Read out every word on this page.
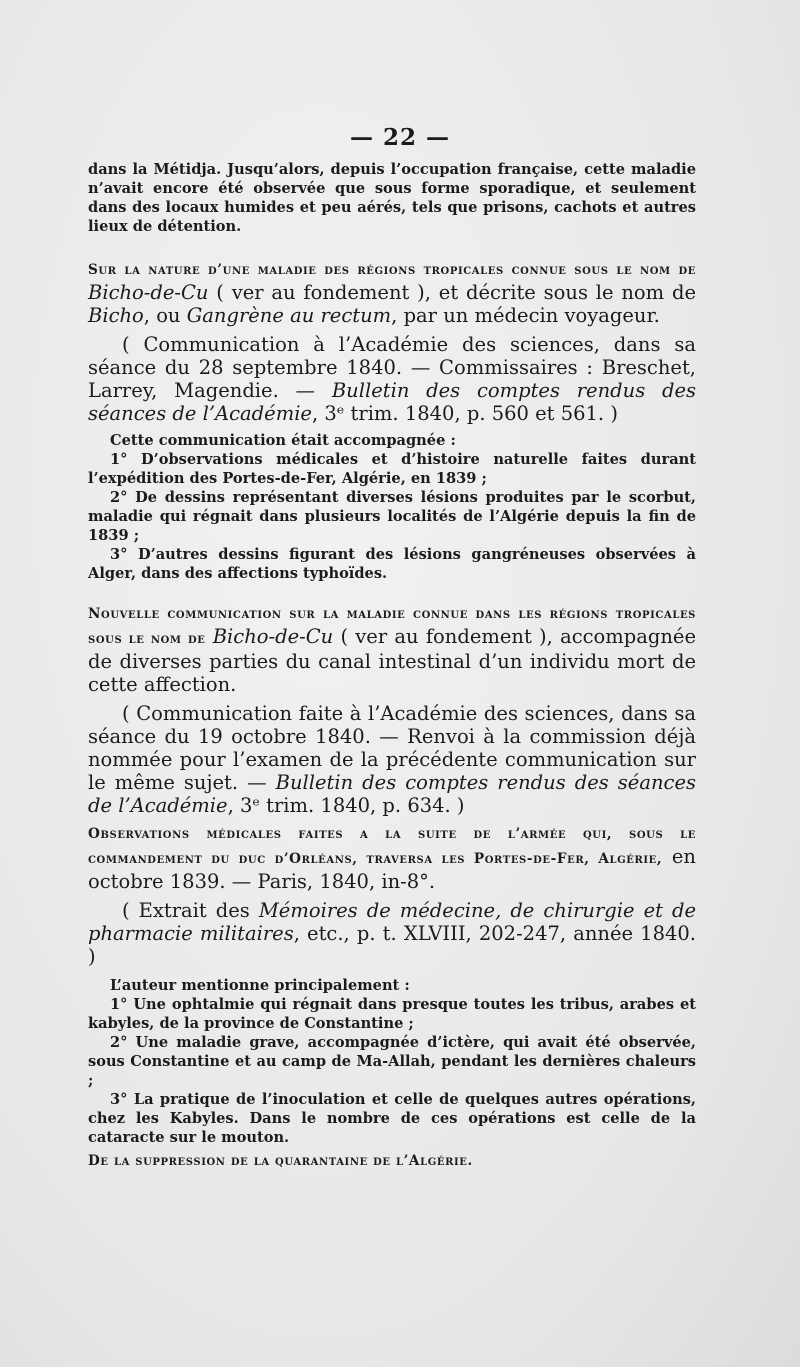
— 22 —

dans la Métidja. Jusqu’alors, depuis l’occupation française, cette maladie n’avait encore été observée que sous forme sporadique, et seulement dans des locaux humides et peu aérés, tels que prisons, cachots et autres lieux de détention.

Sur la nature d’une maladie des régions tropicales connue sous le nom de Bicho-de-Cu ( ver au fondement ), et décrite sous le nom de Bicho, ou Gangrène au rectum, par un médecin voyageur.

( Communication à l’Académie des sciences, dans sa séance du 28 septembre 1840. — Commissaires : Breschet, Larrey, Magendie. — Bulletin des comptes rendus des séances de l’Académie, 3ᵉ trim. 1840, p. 560 et 561. )

Cette communication était accompagnée :

1° D’observations médicales et d’histoire naturelle faites durant l’expédition des Portes-de-Fer, Algérie, en 1839 ;

2° De dessins représentant diverses lésions produites par le scorbut, maladie qui régnait dans plusieurs localités de l’Algérie depuis la fin de 1839 ;

3° D’autres dessins figurant des lésions gangréneuses observées à Alger, dans des affections typhoïdes.

Nouvelle communication sur la maladie connue dans les régions tropicales sous le nom de Bicho-de-Cu ( ver au fondement ), accompagnée de diverses parties du canal intestinal d’un individu mort de cette affection.

( Communication faite à l’Académie des sciences, dans sa séance du 19 octobre 1840. — Renvoi à la commission déjà nommée pour l’examen de la précédente communication sur le même sujet. — Bulletin des comptes rendus des séances de l’Académie, 3ᵉ trim. 1840, p. 634. )

Observations médicales faites a la suite de l’armée qui, sous le commandement du duc d’Orléans, traversa les Portes-de-Fer, Algérie, en octobre 1839. — Paris, 1840, in-8°.

( Extrait des Mémoires de médecine, de chirurgie et de pharmacie militaires, etc., p. t. XLVIII, 202-247, année 1840. )

L’auteur mentionne principalement :

1° Une ophtalmie qui régnait dans presque toutes les tribus, arabes et kabyles, de la province de Constantine ;

2° Une maladie grave, accompagnée d’ictère, qui avait été observée, sous Constantine et au camp de Ma-Allah, pendant les dernières chaleurs ;

3° La pratique de l’inoculation et celle de quelques autres opérations, chez les Kabyles. Dans le nombre de ces opérations est celle de la cataracte sur le mouton.

De la suppression de la quarantaine de l’Algérie.
